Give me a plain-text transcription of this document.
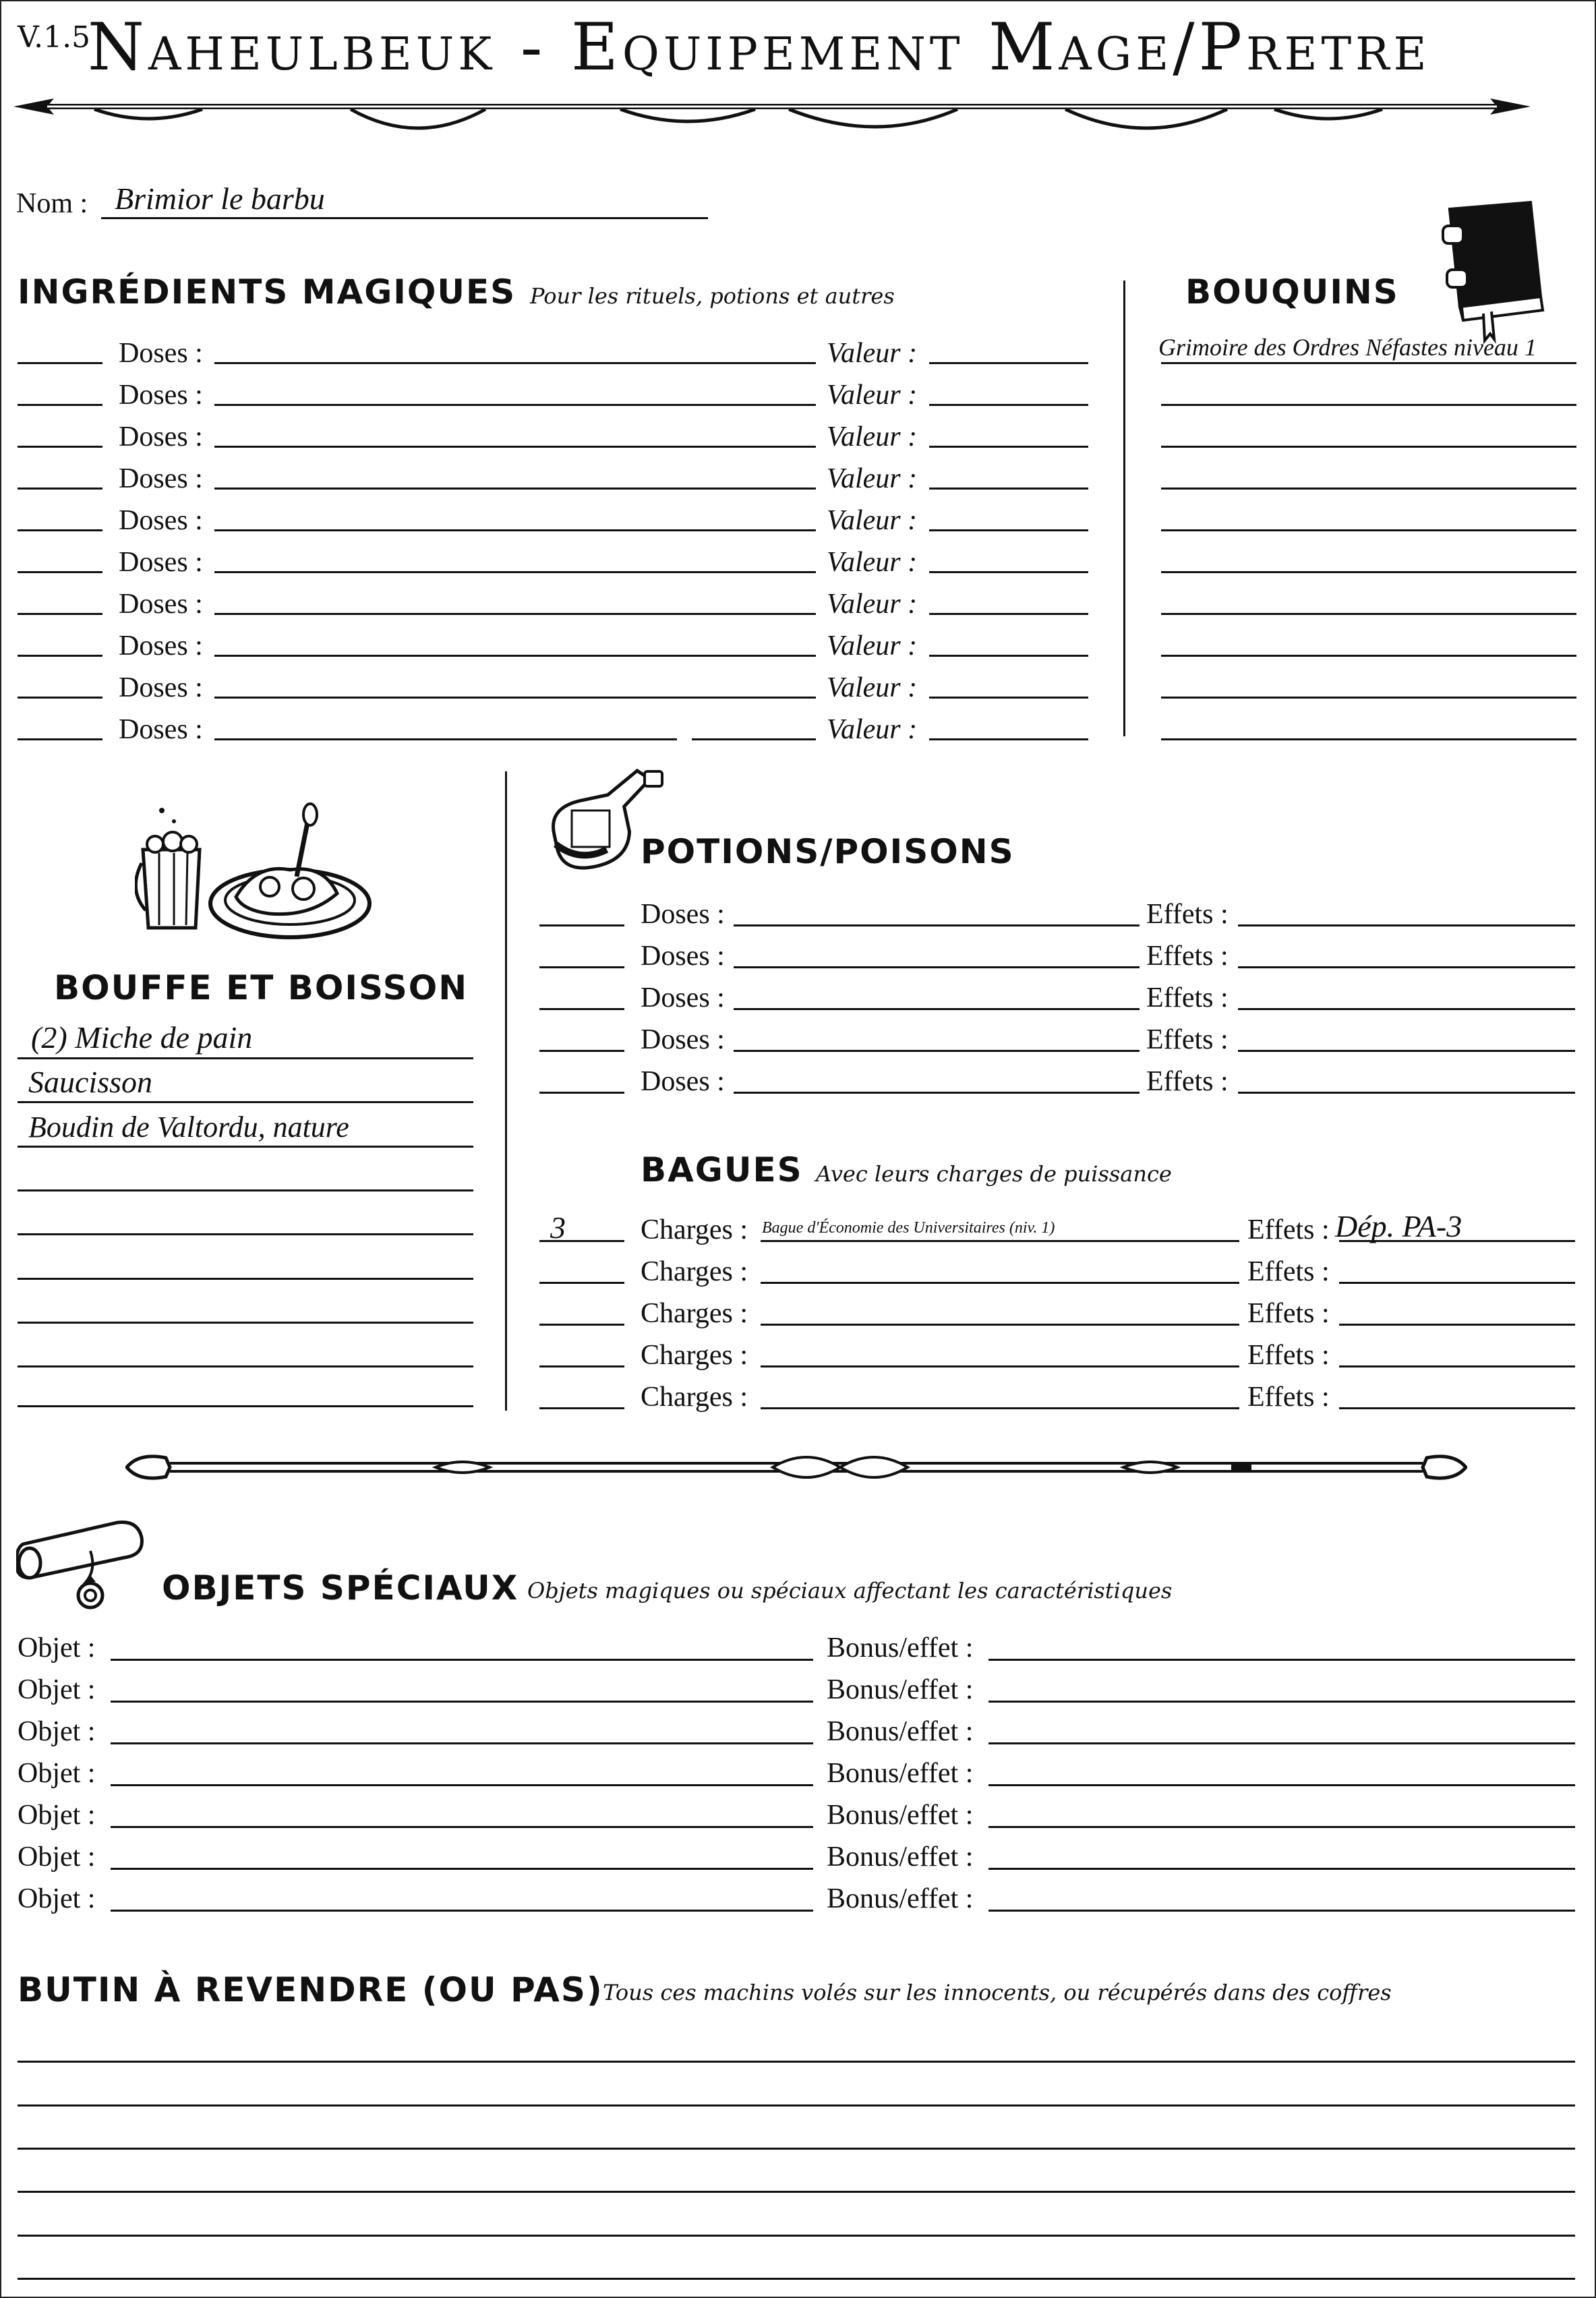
V.1.5
Naheulbeuk - Equipement Mage/Pretre
Nom : Brimior le barbu
INGRÉDIENTS MAGIQUES Pour les rituels, potions et autres
Doses :	Valeur :
Doses :	Valeur :
Doses :	Valeur :
Doses :	Valeur :
Doses :	Valeur :
Doses :	Valeur :
Doses :	Valeur :
Doses :	Valeur :
Doses :	Valeur :
Doses :	Valeur :
BOUQUINS
Grimoire des Ordres Néfastes niveau 1
BOUFFE ET BOISSON
(2) Miche de pain
Saucisson
Boudin de Valtordu, nature
POTIONS/POISONS
Doses :	Effets :
Doses :	Effets :
Doses :	Effets :
Doses :	Effets :
Doses :	Effets :
BAGUES Avec leurs charges de puissance
3	Charges : Bague d'Économie des Universitaires (niv. 1)	Effets : Dép. PA-3
Charges :	Effets :
Charges :	Effets :
Charges :	Effets :
Charges :	Effets :
OBJETS SPÉCIAUX Objets magiques ou spéciaux affectant les caractéristiques
Objet :	Bonus/effet :
Objet :	Bonus/effet :
Objet :	Bonus/effet :
Objet :	Bonus/effet :
Objet :	Bonus/effet :
Objet :	Bonus/effet :
Objet :	Bonus/effet :
BUTIN À REVENDRE (OU PAS) Tous ces machins volés sur les innocents, ou récupérés dans des coffres
